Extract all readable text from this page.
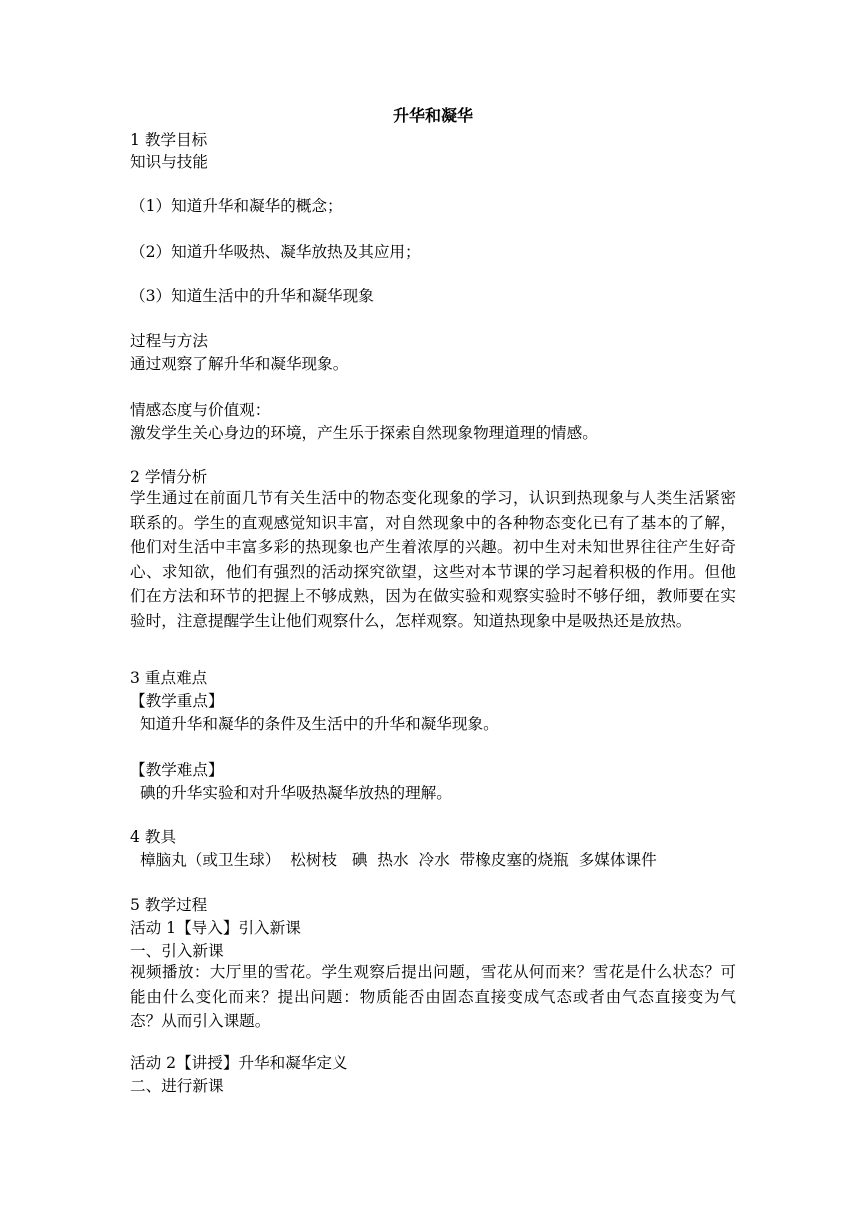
升华和凝华
1 教学目标
知识与技能
（1）知道升华和凝华的概念；
（2）知道升华吸热、凝华放热及其应用；
（3）知道生活中的升华和凝华现象
过程与方法
通过观察了解升华和凝华现象。
情感态度与价值观：
激发学生关心身边的环境，产生乐于探索自然现象物理道理的情感。
2 学情分析
学生通过在前面几节有关生活中的物态变化现象的学习，认识到热现象与人类生活紧密联系的。学生的直观感觉知识丰富，对自然现象中的各种物态变化已有了基本的了解，他们对生活中丰富多彩的热现象也产生着浓厚的兴趣。初中生对未知世界往往产生好奇心、求知欲，他们有强烈的活动探究欲望，这些对本节课的学习起着积极的作用。但他们在方法和环节的把握上不够成熟，因为在做实验和观察实验时不够仔细，教师要在实验时，注意提醒学生让他们观察什么，怎样观察。知道热现象中是吸热还是放热。
3 重点难点
【教学重点】
知道升华和凝华的条件及生活中的升华和凝华现象。
【教学难点】
碘的升华实验和对升华吸热凝华放热的理解。
4 教具
樟脑丸（或卫生球）  松树枝   碘  热水  冷水  带橡皮塞的烧瓶  多媒体课件
5 教学过程
活动 1【导入】引入新课
一、引入新课
视频播放：大厅里的雪花。学生观察后提出问题，雪花从何而来？雪花是什么状态？可能由什么变化而来？提出问题：物质能否由固态直接变成气态或者由气态直接变为气态？从而引入课题。
活动 2【讲授】升华和凝华定义
二、进行新课
